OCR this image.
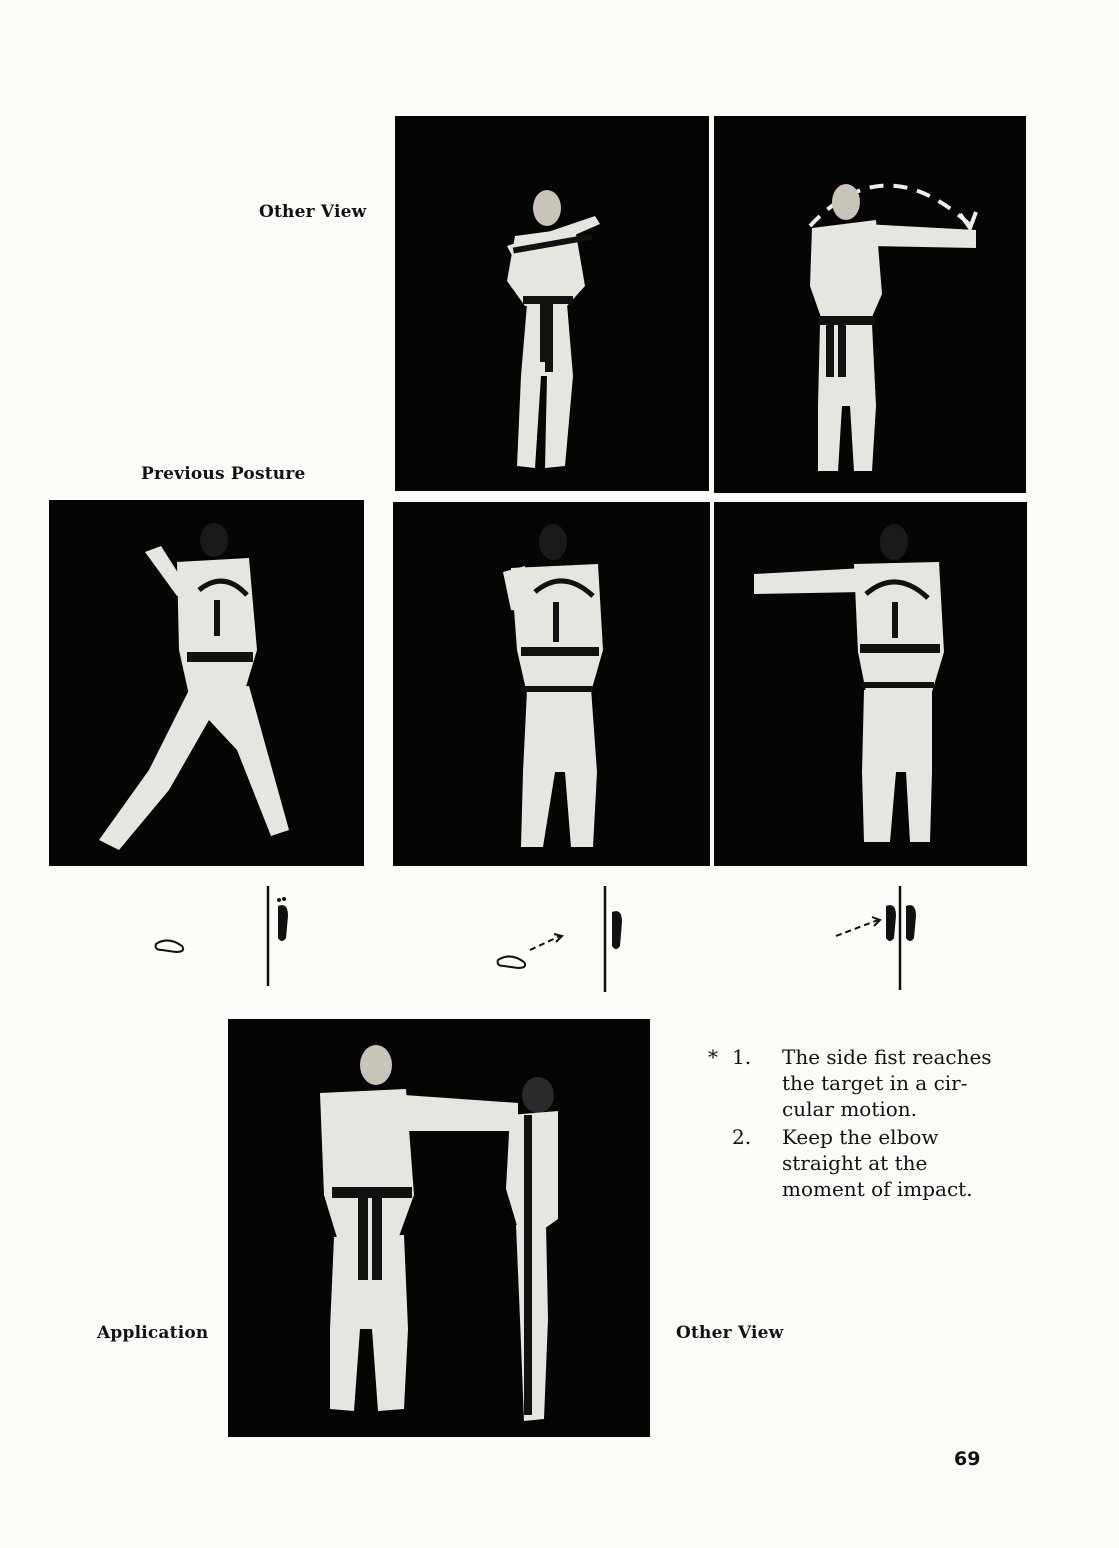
Other View
Previous Posture
Application	Other View
* 1.	The side fist reaches
the target in a cir-
cular motion.
2.	Keep the elbow
straight at the
moment of impact.
69
